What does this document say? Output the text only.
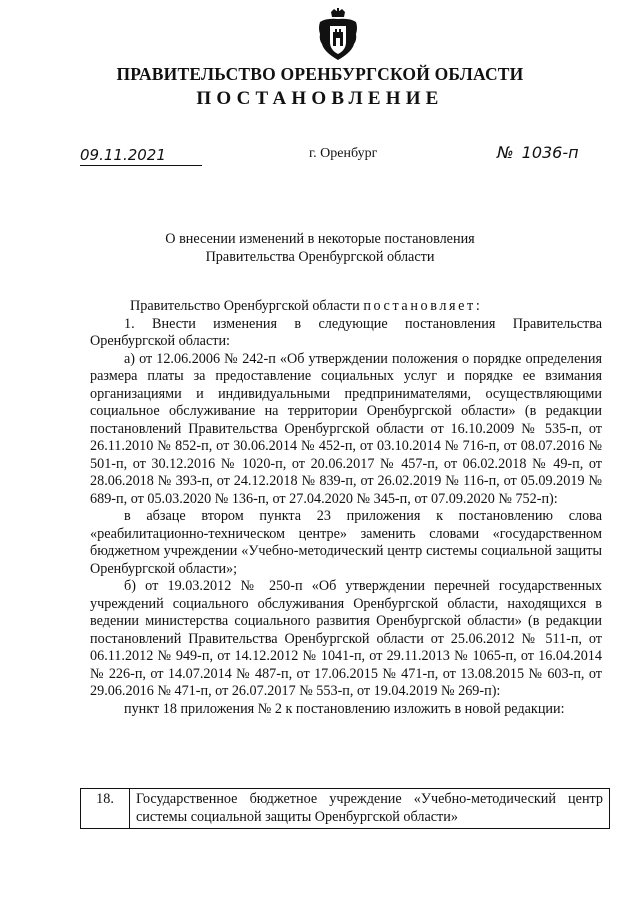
ПРАВИТЕЛЬСТВО ОРЕНБУРГСКОЙ ОБЛАСТИ
ПОСТАНОВЛЕНИЕ
09.11.2021	г. Оренбург	№ 1036-п
О внесении изменений в некоторые постановления
Правительства Оренбургской области

Правительство Оренбургской области постановляет:

1. Внести изменения в следующие постановления Правительства Оренбургской области:

а) от 12.06.2006 № 242-п «Об утверждении положения о порядке определения размера платы за предоставление социальных услуг и порядке ее взимания организациями и индивидуальными предпринимателями, осуществляющими социальное обслуживание на территории Оренбургской области» (в редакции постановлений Правительства Оренбургской области от 16.10.2009 № 535-п, от 26.11.2010 № 852-п, от 30.06.2014 № 452-п, от 03.10.2014 № 716-п, от 08.07.2016 № 501-п, от 30.12.2016 № 1020-п, от 20.06.2017 № 457-п, от 06.02.2018 № 49-п, от 28.06.2018 № 393-п, от 24.12.2018 № 839-п, от 26.02.2019 № 116-п, от 05.09.2019 № 689-п, от 05.03.2020 № 136-п, от 27.04.2020 № 345-п, от 07.09.2020 № 752-п):

в абзаце втором пункта 23 приложения к постановлению слова «реабилитационно-техническом центре» заменить словами «государственном бюджетном учреждении «Учебно-методический центр системы социальной защиты Оренбургской области»;

б) от 19.03.2012 № 250-п «Об утверждении перечней государственных учреждений социального обслуживания Оренбургской области, находящихся в ведении министерства социального развития Оренбургской области» (в редакции постановлений Правительства Оренбургской области от 25.06.2012 № 511-п, от 06.11.2012 № 949-п, от 14.12.2012 № 1041-п, от 29.11.2013 № 1065-п, от 16.04.2014 № 226-п, от 14.07.2014 № 487-п, от 17.06.2015 № 471-п, от 13.08.2015 № 603-п, от 29.06.2016 № 471-п, от 26.07.2017 № 553-п, от 19.04.2019 № 269-п):

пункт 18 приложения № 2 к постановлению изложить в новой редакции:

18.	Государственное бюджетное учреждение «Учебно-методический центр системы социальной защиты Оренбургской области»
